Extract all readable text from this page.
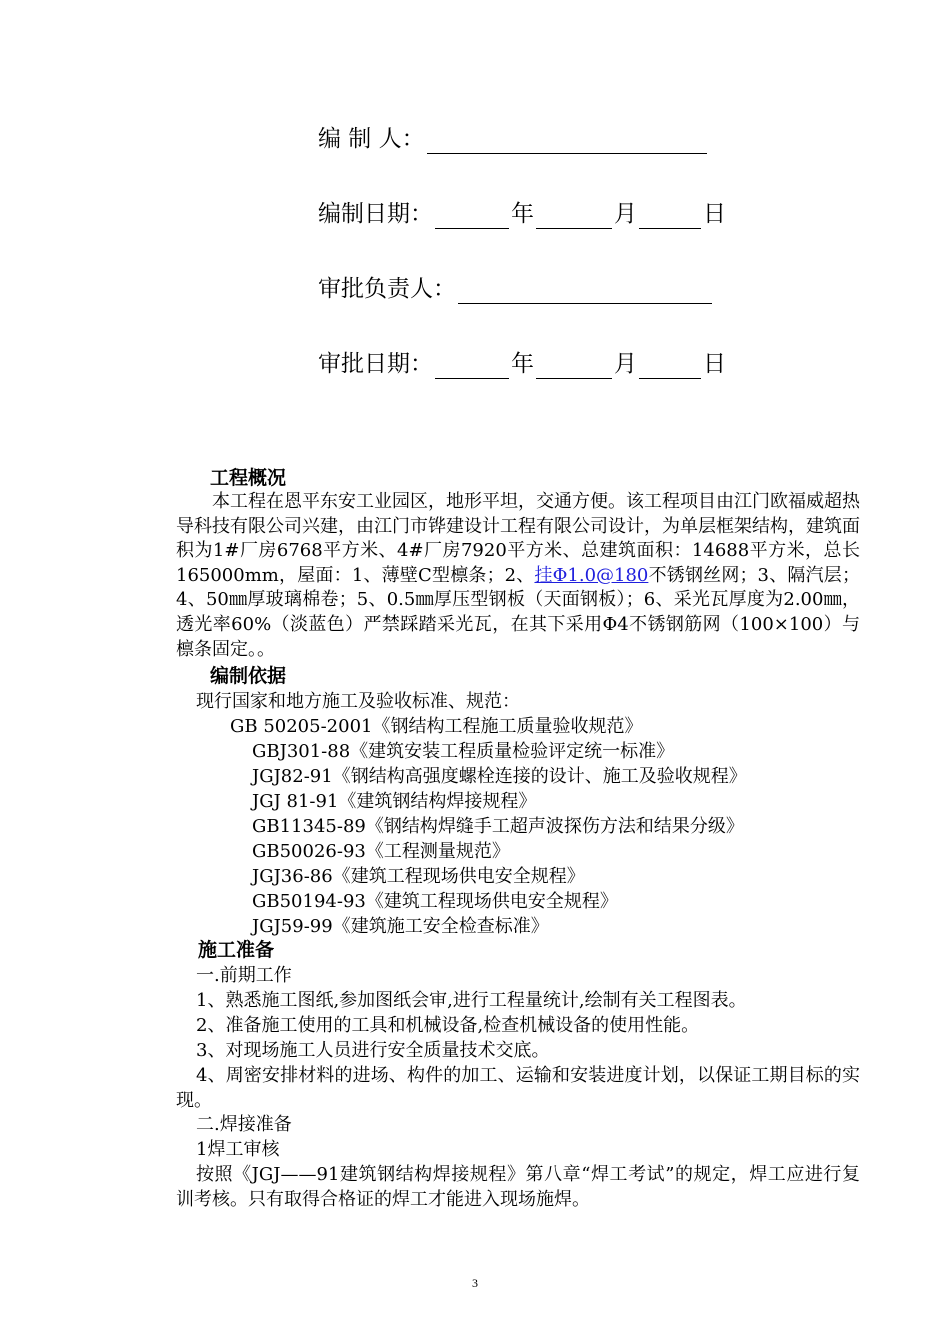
编 制 人：
编制日期：	年	月	日
审批负责人：
审批日期：	年	月	日
工程概况
本工程在恩平东安工业园区，地形平坦，交通方便。该工程项目由江门欧福威超热导科技有限公司兴建，由江门市铧建设计工程有限公司设计，为单层框架结构，建筑面积为1#厂房6768平方米、4#厂房7920平方米、总建筑面积：14688平方米，总长165000mm，屋面：1、薄壁C型檩条；2、挂Φ1.0@180不锈钢丝网；3、隔汽层；4、50㎜厚玻璃棉卷；5、0.5㎜厚压型钢板（天面钢板）；6、采光瓦厚度为2.00㎜，透光率60%（淡蓝色）严禁踩踏采光瓦，在其下采用Φ4不锈钢筋网（100×100）与檩条固定。。
编制依据
现行国家和地方施工及验收标准、规范：
GB 50205-2001《钢结构工程施工质量验收规范》
GBJ301-88《建筑安装工程质量检验评定统一标准》
JGJ82-91《钢结构高强度螺栓连接的设计、施工及验收规程》
JGJ 81-91《建筑钢结构焊接规程》
GB11345-89《钢结构焊缝手工超声波探伤方法和结果分级》
GB50026-93《工程测量规范》
JGJ36-86《建筑工程现场供电安全规程》
GB50194-93《建筑工程现场供电安全规程》
JGJ59-99《建筑施工安全检查标准》
施工准备
一.前期工作
1、熟悉施工图纸,参加图纸会审,进行工程量统计,绘制有关工程图表。
2、准备施工使用的工具和机械设备,检查机械设备的使用性能。
3、对现场施工人员进行安全质量技术交底。
4、周密安排材料的进场、构件的加工、运输和安装进度计划，以保证工期目标的实现。
二.焊接准备
1焊工审核
按照《JGJ——91建筑钢结构焊接规程》第八章“焊工考试”的规定，焊工应进行复训考核。只有取得合格证的焊工才能进入现场施焊。
3
